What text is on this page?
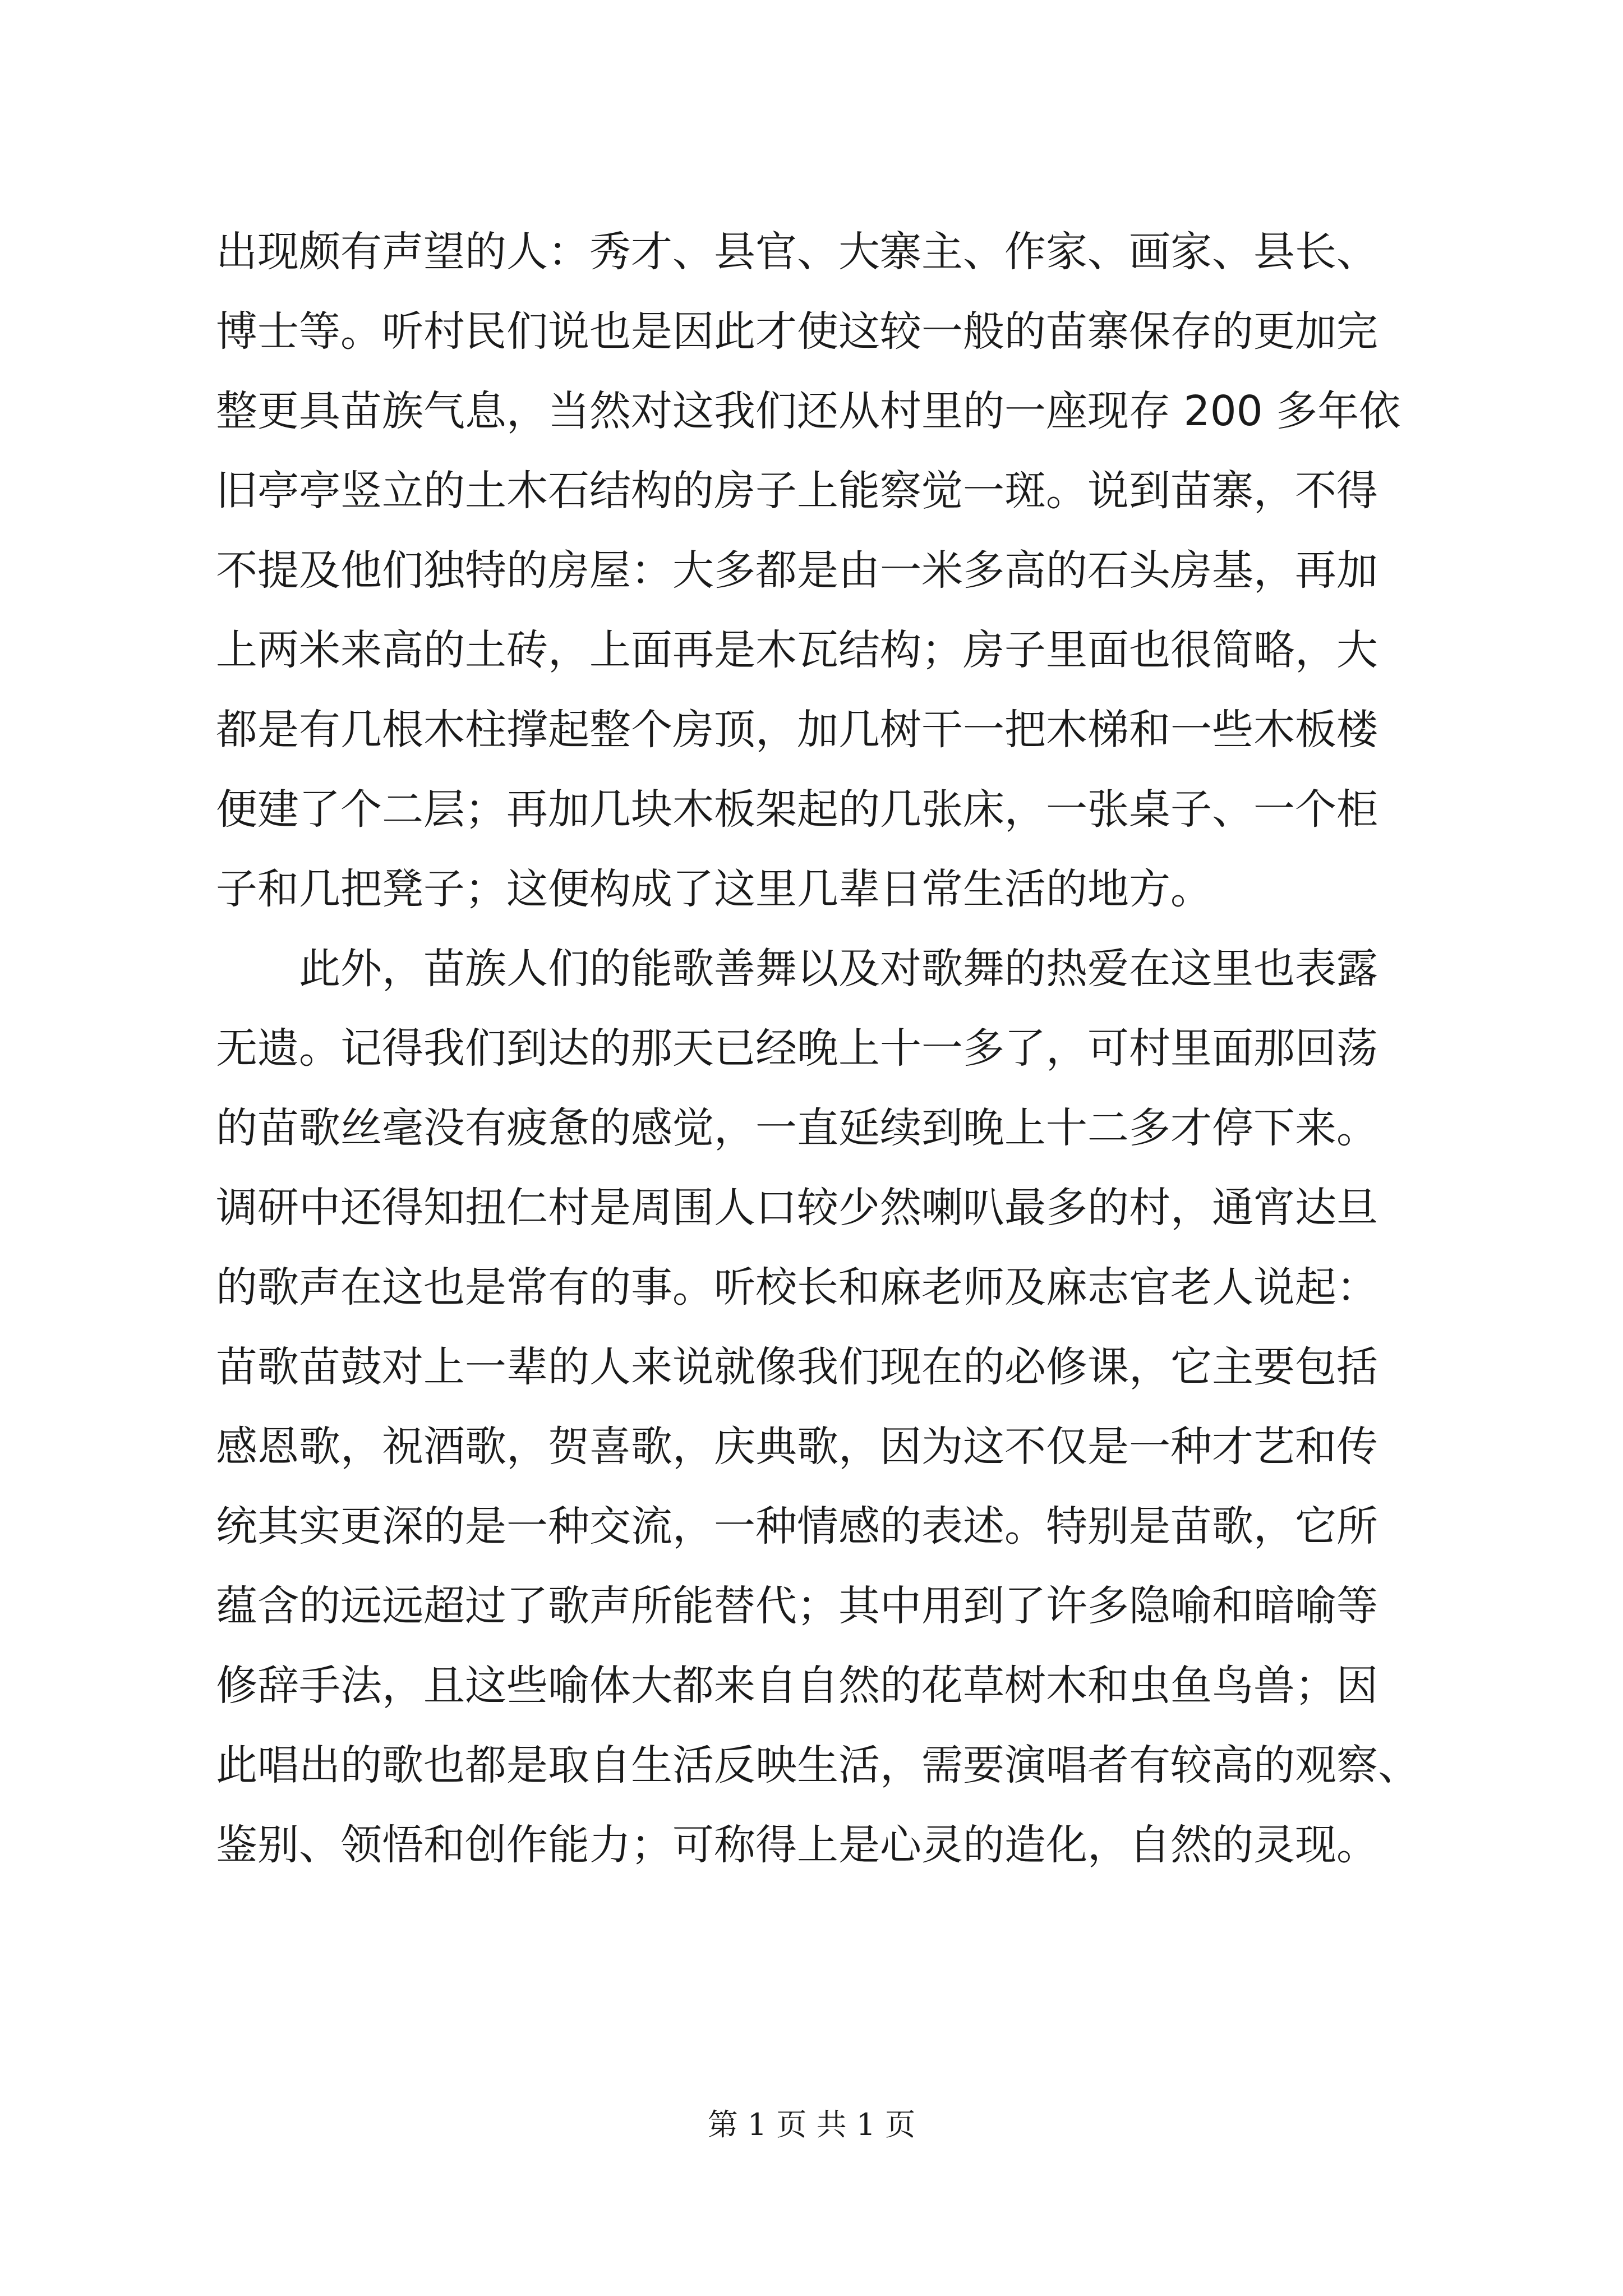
出现颇有声望的人：秀才、县官、大寨主、作家、画家、县长、
博士等。听村民们说也是因此才使这较一般的苗寨保存的更加完
整更具苗族气息，当然对这我们还从村里的一座现存 200 多年依
旧亭亭竖立的土木石结构的房子上能察觉一斑。说到苗寨，不得
不提及他们独特的房屋：大多都是由一米多高的石头房基，再加
上两米来高的土砖，上面再是木瓦结构；房子里面也很简略，大
都是有几根木柱撑起整个房顶，加几树干一把木梯和一些木板楼
便建了个二层；再加几块木板架起的几张床，一张桌子、一个柜
子和几把凳子；这便构成了这里几辈日常生活的地方。
　　此外，苗族人们的能歌善舞以及对歌舞的热爱在这里也表露
无遗。记得我们到达的那天已经晚上十一多了，可村里面那回荡
的苗歌丝毫没有疲惫的感觉，一直延续到晚上十二多才停下来。
调研中还得知扭仁村是周围人口较少然喇叭最多的村，通宵达旦
的歌声在这也是常有的事。听校长和麻老师及麻志官老人说起：
苗歌苗鼓对上一辈的人来说就像我们现在的必修课，它主要包括
感恩歌，祝酒歌，贺喜歌，庆典歌，因为这不仅是一种才艺和传
统其实更深的是一种交流，一种情感的表述。特别是苗歌，它所
蕴含的远远超过了歌声所能替代；其中用到了许多隐喻和暗喻等
修辞手法，且这些喻体大都来自自然的花草树木和虫鱼鸟兽；因
此唱出的歌也都是取自生活反映生活，需要演唱者有较高的观察、
鉴别、领悟和创作能力；可称得上是心灵的造化，自然的灵现。
第 1 页 共 1 页
